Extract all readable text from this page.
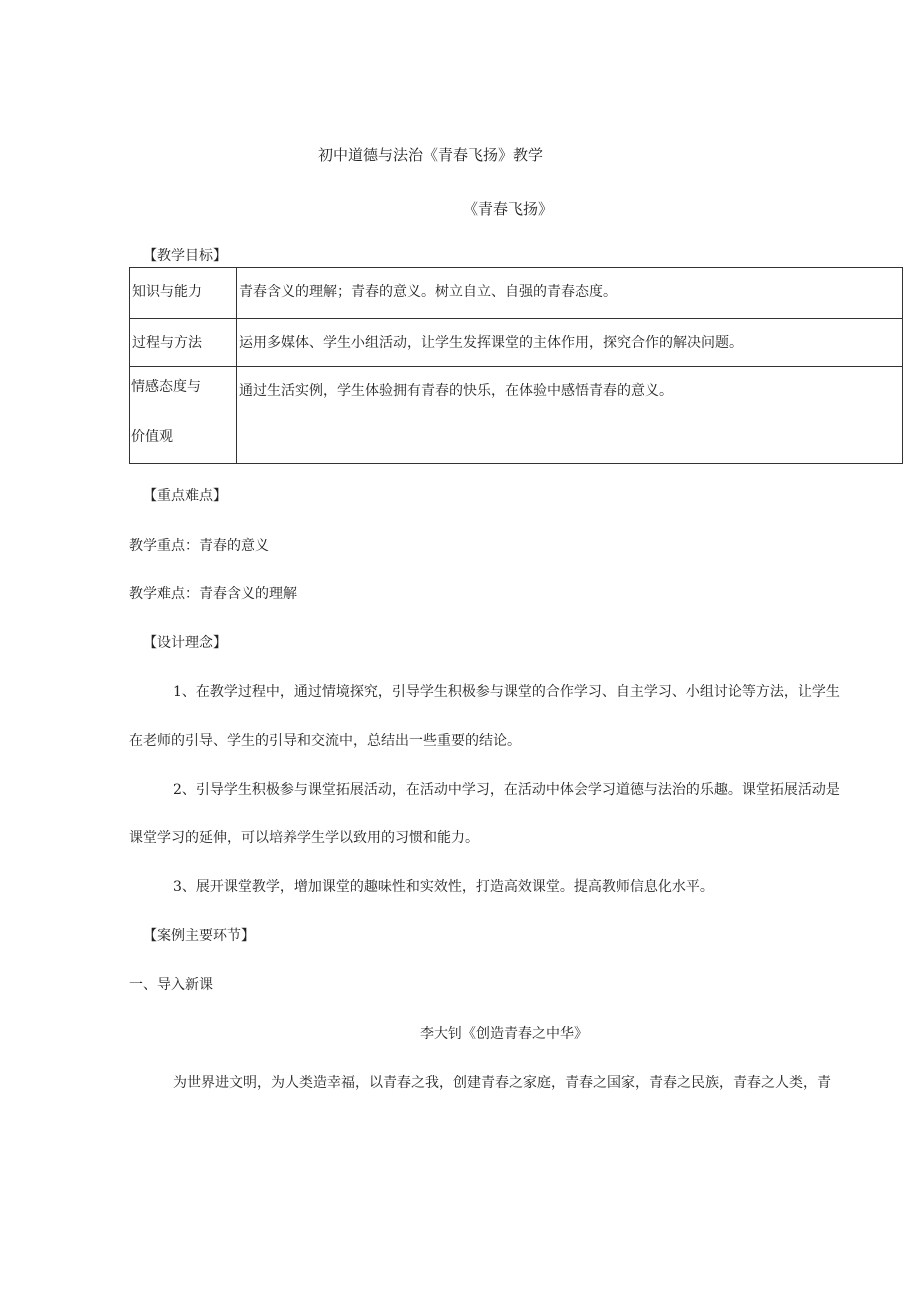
初中道德与法治《青春飞扬》教学
《青春飞扬》
【教学目标】
知识与能力	青春含义的理解；青春的意义。树立自立、自强的青春态度。

过程与方法	运用多媒体、学生小组活动，让学生发挥课堂的主体作用，探究合作的解决问题。

情感态度与
价值观	通过生活实例，学生体验拥有青春的快乐，在体验中感悟青春的意义。
【重点难点】
教学重点：青春的意义
教学难点：青春含义的理解
【设计理念】
1、在教学过程中，通过情境探究，引导学生积极参与课堂的合作学习、自主学习、小组讨论等方法，让学生
在老师的引导、学生的引导和交流中，总结出一些重要的结论。
2、引导学生积极参与课堂拓展活动，在活动中学习，在活动中体会学习道德与法治的乐趣。课堂拓展活动是
课堂学习的延伸，可以培养学生学以致用的习惯和能力。
3、展开课堂教学，增加课堂的趣味性和实效性，打造高效课堂。提高教师信息化水平。
【案例主要环节】
一、导入新课
李大钊《创造青春之中华》
为世界进文明，为人类造幸福，以青春之我，创建青春之家庭，青春之国家，青春之民族，青春之人类，青
